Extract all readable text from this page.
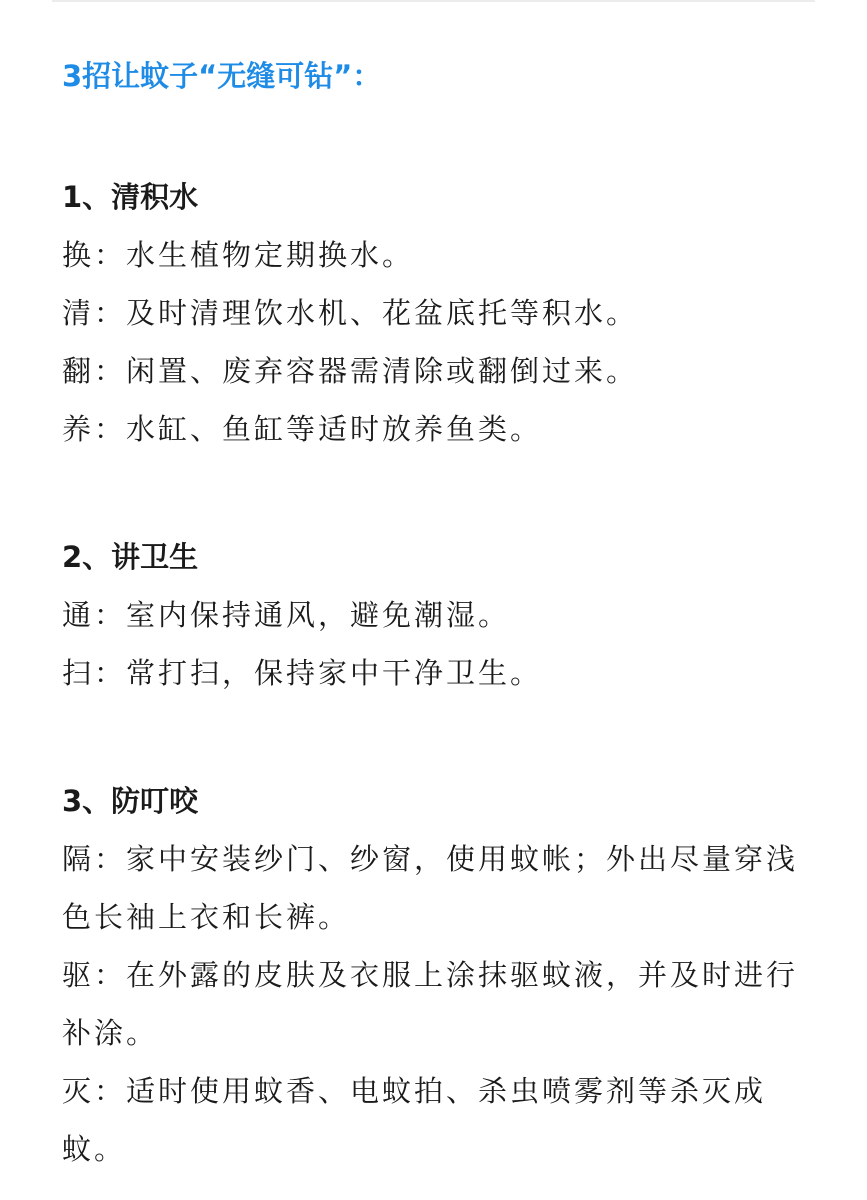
3招让蚊子“无缝可钻”：

1、清积水

换：水生植物定期换水。

清：及时清理饮水机、花盆底托等积水。

翻：闲置、废弃容器需清除或翻倒过来。

养：水缸、鱼缸等适时放养鱼类。

2、讲卫生

通：室内保持通风，避免潮湿。

扫：常打扫，保持家中干净卫生。

3、防叮咬

隔：家中安装纱门、纱窗，使用蚊帐；外出尽量穿浅色长袖上衣和长裤。

驱：在外露的皮肤及衣服上涂抹驱蚊液，并及时进行补涂。

灭：适时使用蚊香、电蚊拍、杀虫喷雾剂等杀灭成蚊。
